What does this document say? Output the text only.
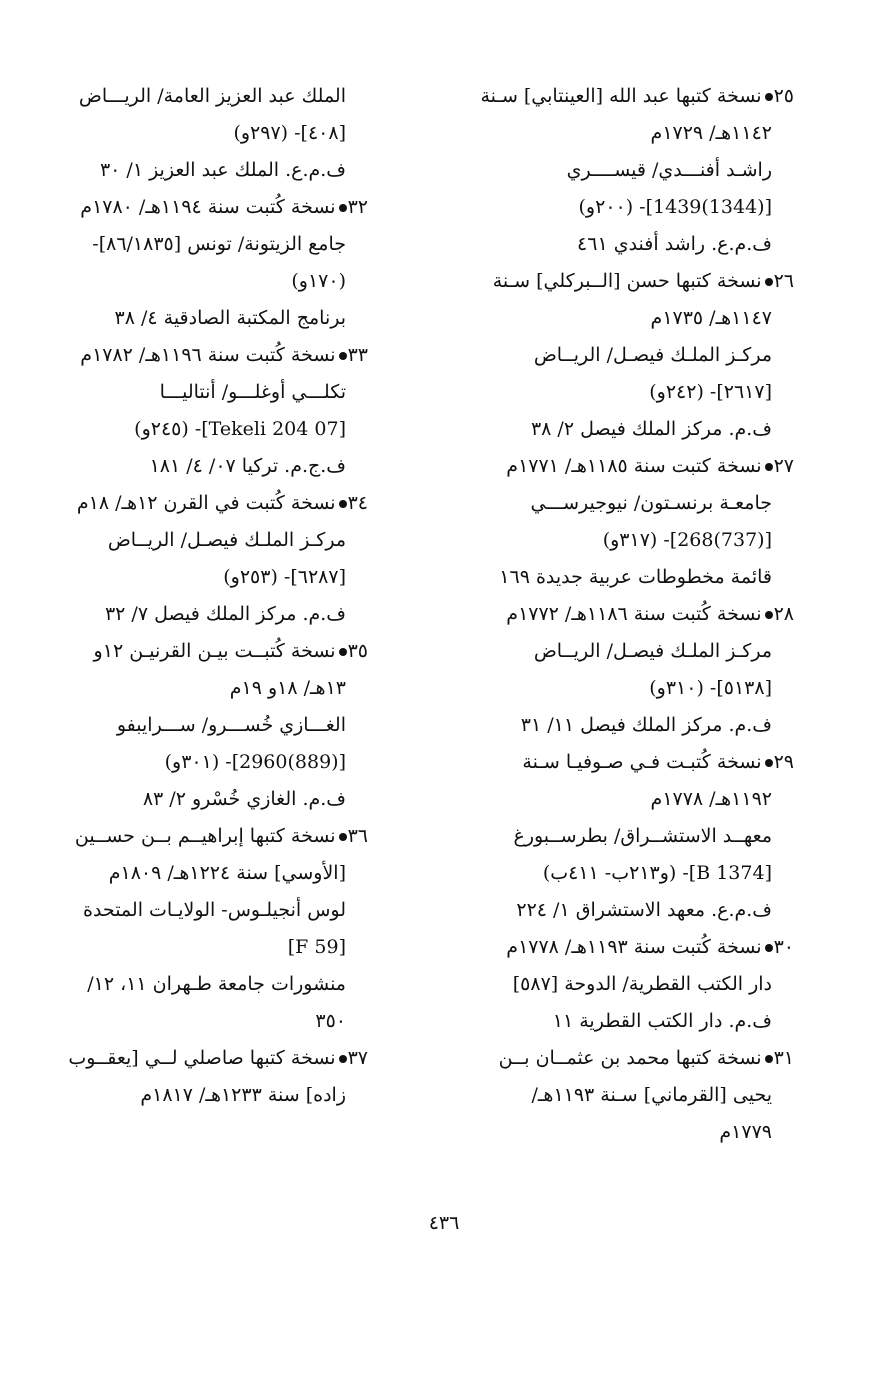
٢٥
نسخة كتبها عبد الله [العينتابي] سـنة
١١٤٢هـ/ ١٧٢٩م
راشـد أفنـــدي/ قيســــري
[(1344)1439]- (٢٠٠و)
ف.م.ع. راشد أفندي ٤٦١
٢٦
نسخة كتبها حسن [الــبركلي] سـنة
١١٤٧هـ/ ١٧٣٥م
مركـز الملـك فيصـل/ الريــاض
[٢٦١٧]- (٢٤٢و)
ف.م. مركز الملك فيصل ٢/ ٣٨
٢٧
نسخة كتبت سنة ١١٨٥هـ/ ١٧٧١م
جامعـة برنسـتون/ نيوجيرســـي
[(737)268]- (٣١٧و)
قائمة مخطوطات عربية جديدة ١٦٩
٢٨
نسخة كُتبت سنة ١١٨٦هـ/ ١٧٧٢م
مركـز الملـك فيصـل/ الريــاض
[٥١٣٨]- (٣١٠و)
ف.م. مركز الملك فيصل ١١/ ٣١
٢٩
نسخة كُتبـت فـي صـوفيـا سـنة
١١٩٢هـ/ ١٧٧٨م
معهــد الاستشــراق/ بطرســبورغ
[B 1374]- (و٢١٣ب- ٤١١ب)
ف.م.ع. معهد الاستشراق ١/ ٢٢٤
٣٠
نسخة كُتبت سنة ١١٩٣هـ/ ١٧٧٨م
دار الكتب القطرية/ الدوحة [٥٨٧]
ف.م. دار الكتب القطرية ١١
٣١
نسخة كتبها محمد بن عثمــان بــن
يحيى [القرماني] سـنة ١١٩٣هـ/
١٧٧٩م
الملك عبد العزيز العامة/ الريـــاض
[٤٠٨]- (٢٩٧و)
ف.م.ع. الملك عبد العزيز ١/ ٣٠
٣٢
نسخة كُتبت سنة ١١٩٤هـ/ ١٧٨٠م
جامع الزيتونة/ تونس [٨٦/١٨٣٥]-
(١٧٠و)
برنامج المكتبة الصادقية ٤/ ٣٨
٣٣
نسخة كُتبت سنة ١١٩٦هـ/ ١٧٨٢م
تكلـــي أوغلـــو/ أنتاليـــا
[07 Tekeli 204]- (٢٤٥و)
ف.ج.م. تركيا ٠٧/ ٤/ ١٨١
٣٤
نسخة كُتبت في القرن ١٢هـ/ ١٨م
مركـز الملـك فيصـل/ الريــاض
[٦٢٨٧]- (٢٥٣و)
ف.م. مركز الملك فيصل ٧/ ٣٢
٣٥
نسخة كُتبــت بيـن القرنيـن ١٢و
١٣هـ/ ١٨و ١٩م
الغـــازي خُســـرو/ ســـرايبفو
[(889)2960]- (٣٠١و)
ف.م. الغازي خُسْرو ٢/ ٨٣
٣٦
نسخة كتبها إبراهيــم بــن حســين
[الأوسي] سنة ١٢٢٤هـ/ ١٨٠٩م
لوس أنجيلـوس- الولايـات المتحدة
[F 59]
منشورات جامعة طـهران ١١، ١٢/
٣٥٠
٣٧
نسخة كتبها صاصلي لــي [يعقــوب
زاده] سنة ١٢٣٣هـ/ ١٨١٧م
٤٣٦
